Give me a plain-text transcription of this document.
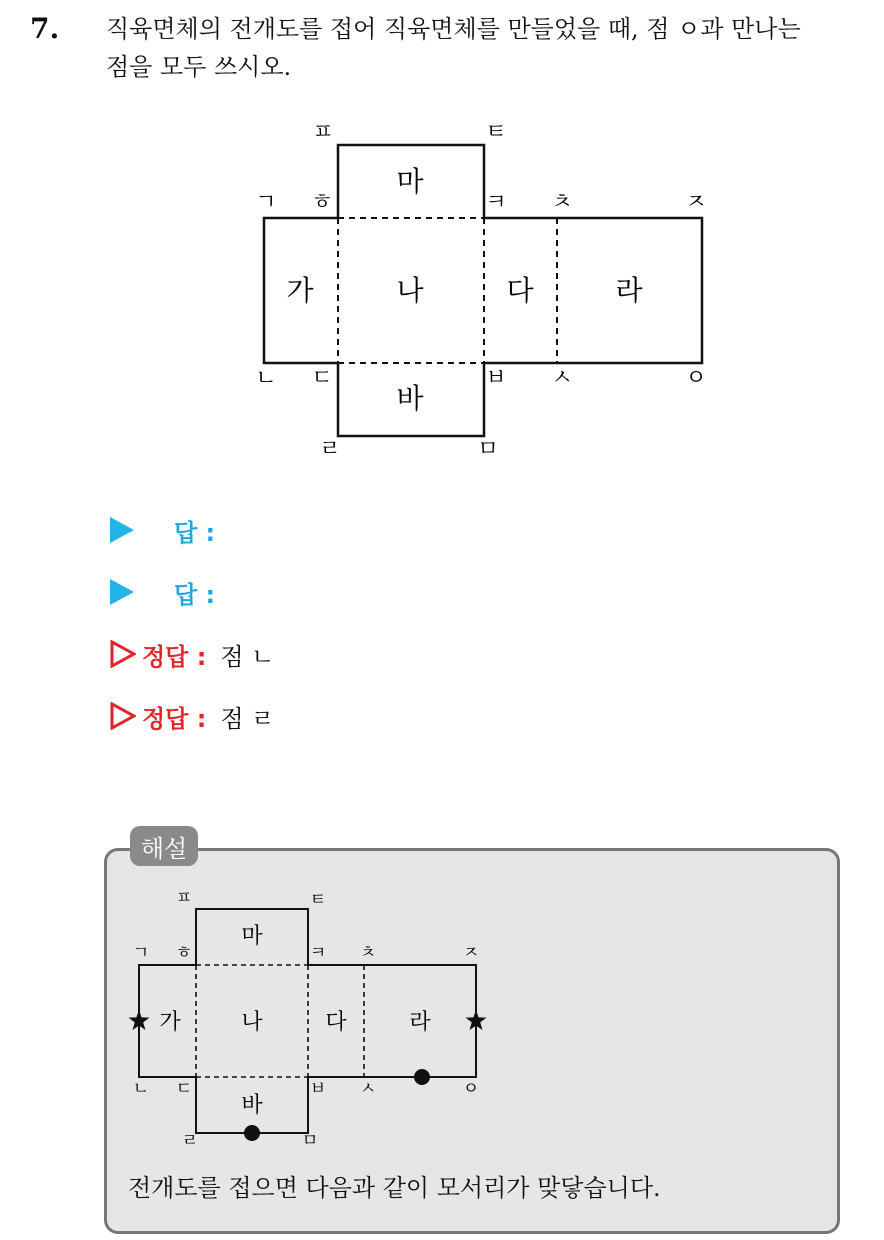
7. 직육면체의 전개도를 접어 직육면체를 만들었을 때, 점 ㅇ과 만나는
점을 모두 쓰시오.
마
가	나	다	라
바
ㅍ	ㅌ
ㄱ ㅎ	ㅋ ㅊ	ㅈ
ㄴ ㄷ	ㅂ ㅅ	ㅇ
ㄹ	ㅁ
답 :
답 :
정답 : 점 ㄴ
정답 : 점 ㄹ
해설
마
가	나	다	라
바
ㅍ	ㅌ
ㄱ ㅎ	ㅋ ㅊ	ㅈ
ㄴ ㄷ	ㅂ ㅅ	ㅇ
ㄹ	ㅁ
전개도를 접으면 다음과 같이 모서리가 맞닿습니다.
